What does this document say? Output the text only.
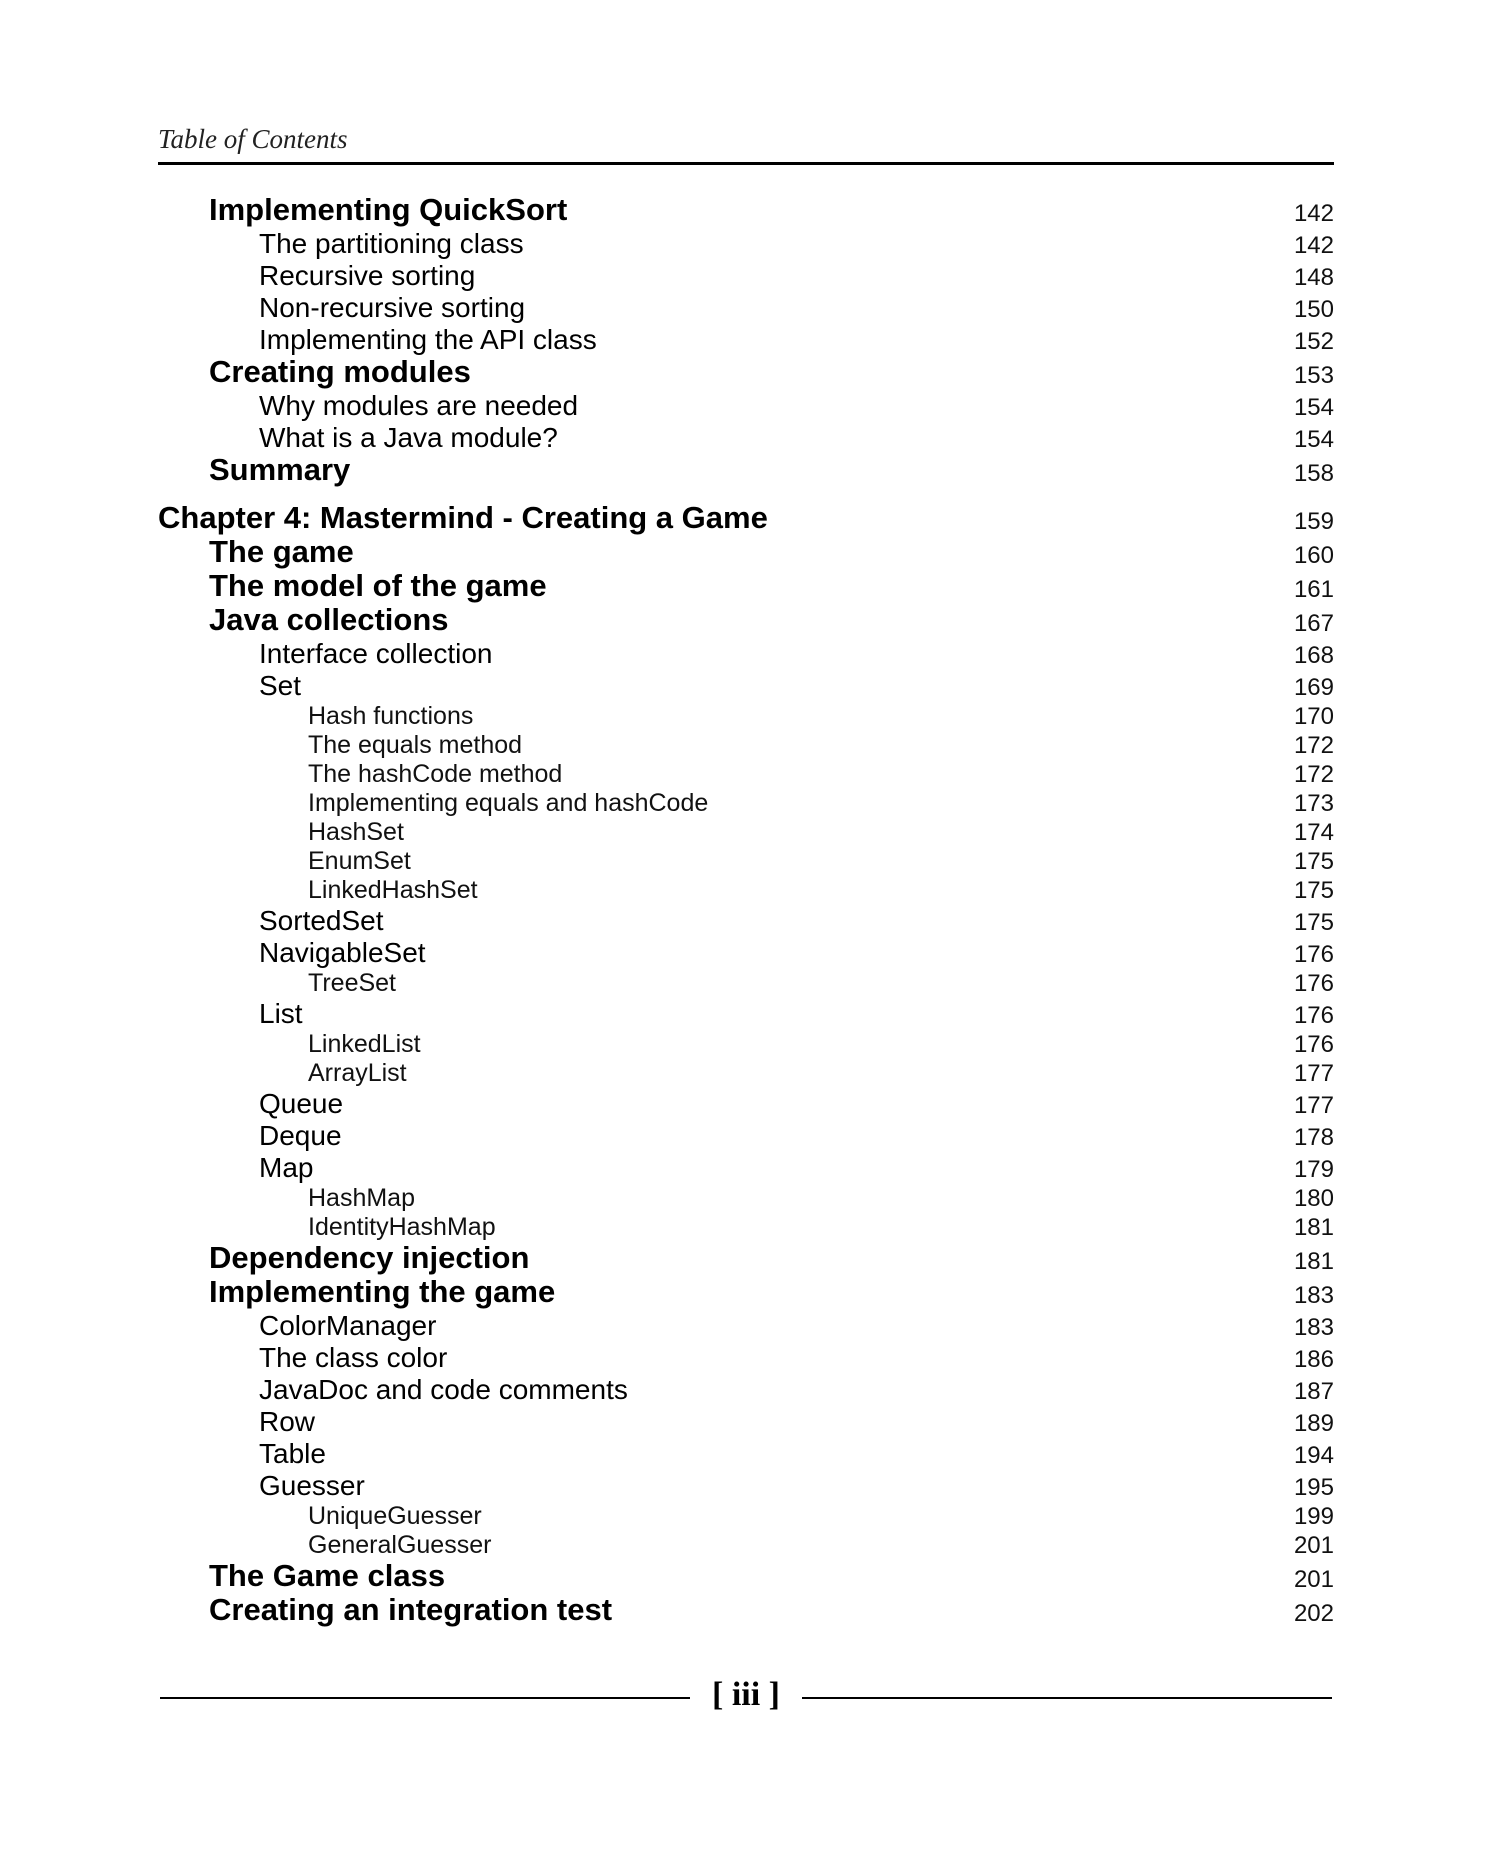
Table of Contents
Implementing QuickSort	142
The partitioning class	142
Recursive sorting	148
Non-recursive sorting	150
Implementing the API class	152
Creating modules	153
Why modules are needed	154
What is a Java module?	154
Summary	158
Chapter 4: Mastermind - Creating a Game	159
The game	160
The model of the game	161
Java collections	167
Interface collection	168
Set	169
Hash functions	170
The equals method	172
The hashCode method	172
Implementing equals and hashCode	173
HashSet	174
EnumSet	175
LinkedHashSet	175
SortedSet	175
NavigableSet	176
TreeSet	176
List	176
LinkedList	176
ArrayList	177
Queue	177
Deque	178
Map	179
HashMap	180
IdentityHashMap	181
Dependency injection	181
Implementing the game	183
ColorManager	183
The class color	186
JavaDoc and code comments	187
Row	189
Table	194
Guesser	195
UniqueGuesser	199
GeneralGuesser	201
The Game class	201
Creating an integration test	202
[ iii ]
